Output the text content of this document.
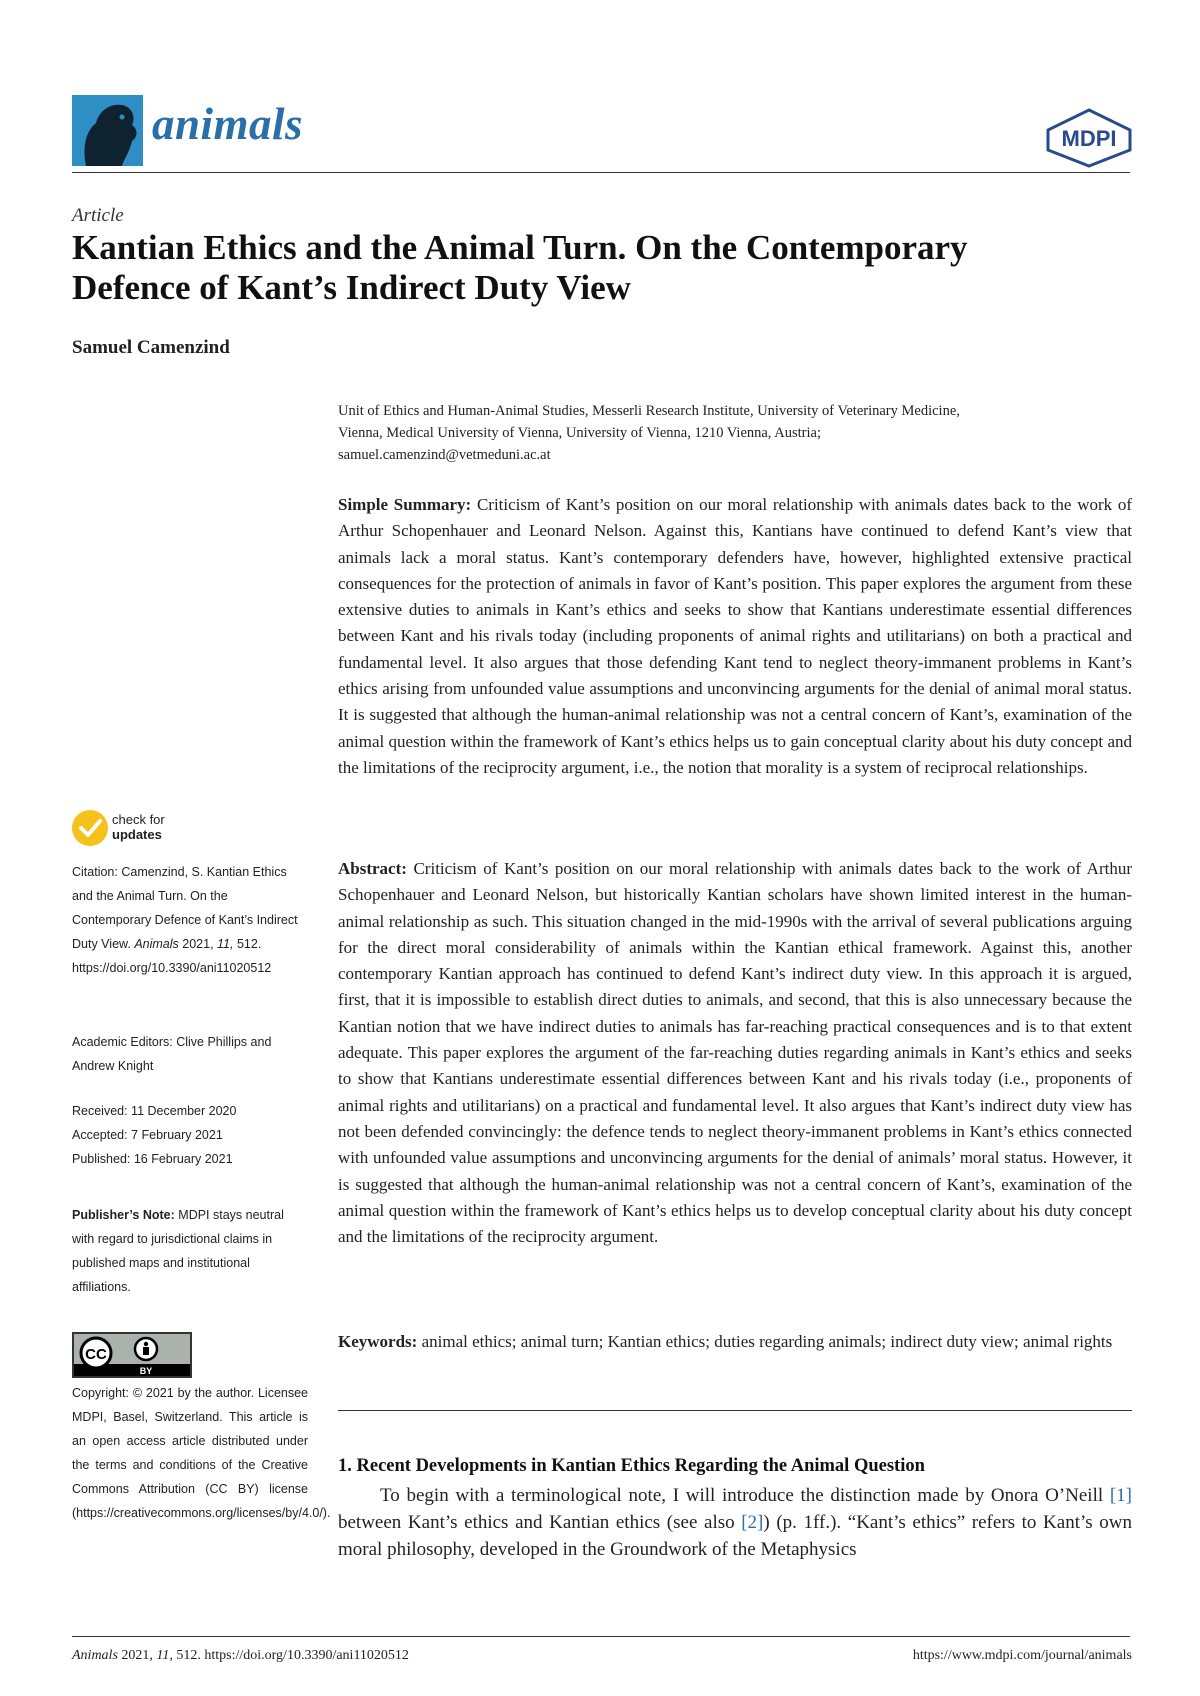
animals	MDPI
Article
Kantian Ethics and the Animal Turn. On the Contemporary
Defence of Kant’s Indirect Duty View
Samuel Camenzind
Unit of Ethics and Human-Animal Studies, Messerli Research Institute, University of Veterinary Medicine,
Vienna, Medical University of Vienna, University of Vienna, 1210 Vienna, Austria;
samuel.camenzind@vetmeduni.ac.at
Simple Summary: Criticism of Kant’s position on our moral relationship with animals dates back to the work of Arthur Schopenhauer and Leonard Nelson. Against this, Kantians have continued to defend Kant’s view that animals lack a moral status. Kant’s contemporary defenders have, however, highlighted extensive practical consequences for the protection of animals in favor of Kant’s position. This paper explores the argument from these extensive duties to animals in Kant’s ethics and seeks to show that Kantians underestimate essential differences between Kant and his rivals today (including proponents of animal rights and utilitarians) on both a practical and fundamental level. It also argues that those defending Kant tend to neglect theory-immanent problems in Kant’s ethics arising from unfounded value assumptions and unconvincing arguments for the denial of animal moral status. It is suggested that although the human-animal relationship was not a central concern of Kant’s, examination of the animal question within the framework of Kant’s ethics helps us to gain conceptual clarity about his duty concept and the limitations of the reciprocity argument, i.e., the notion that morality is a system of reciprocal relationships.
Abstract: Criticism of Kant’s position on our moral relationship with animals dates back to the work of Arthur Schopenhauer and Leonard Nelson, but historically Kantian scholars have shown limited interest in the human-animal relationship as such. This situation changed in the mid-1990s with the arrival of several publications arguing for the direct moral considerability of animals within the Kantian ethical framework. Against this, another contemporary Kantian approach has continued to defend Kant’s indirect duty view. In this approach it is argued, first, that it is impossible to establish direct duties to animals, and second, that this is also unnecessary because the Kantian notion that we have indirect duties to animals has far-reaching practical consequences and is to that extent adequate. This paper explores the argument of the far-reaching duties regarding animals in Kant’s ethics and seeks to show that Kantians underestimate essential differences between Kant and his rivals today (i.e., proponents of animal rights and utilitarians) on a practical and fundamental level. It also argues that Kant’s indirect duty view has not been defended convincingly: the defence tends to neglect theory-immanent problems in Kant’s ethics connected with unfounded value assumptions and unconvincing arguments for the denial of animals’ moral status. However, it is suggested that although the human-animal relationship was not a central concern of Kant’s, examination of the animal question within the framework of Kant’s ethics helps us to develop conceptual clarity about his duty concept and the limitations of the reciprocity argument.
Keywords: animal ethics; animal turn; Kantian ethics; duties regarding animals; indirect duty view; animal rights
1. Recent Developments in Kantian Ethics Regarding the Animal Question
To begin with a terminological note, I will introduce the distinction made by Onora O’Neill [1] between Kant’s ethics and Kantian ethics (see also [2]) (p. 1ff.). “Kant’s ethics” refers to Kant’s own moral philosophy, developed in the Groundwork of the Metaphysics
check for
updates
Citation: Camenzind, S. Kantian Ethics and the Animal Turn. On the Contemporary Defence of Kant’s Indirect Duty View. Animals 2021, 11, 512. https://doi.org/10.3390/ani11020512
Academic Editors: Clive Phillips and Andrew Knight
Received: 11 December 2020
Accepted: 7 February 2021
Published: 16 February 2021
Publisher’s Note: MDPI stays neutral with regard to jurisdictional claims in published maps and institutional affiliations.
CC
BY
Copyright: © 2021 by the author. Licensee MDPI, Basel, Switzerland. This article is an open access article distributed under the terms and conditions of the Creative Commons Attribution (CC BY) license (https://creativecommons.org/licenses/by/4.0/).
Animals 2021, 11, 512. https://doi.org/10.3390/ani11020512	https://www.mdpi.com/journal/animals
